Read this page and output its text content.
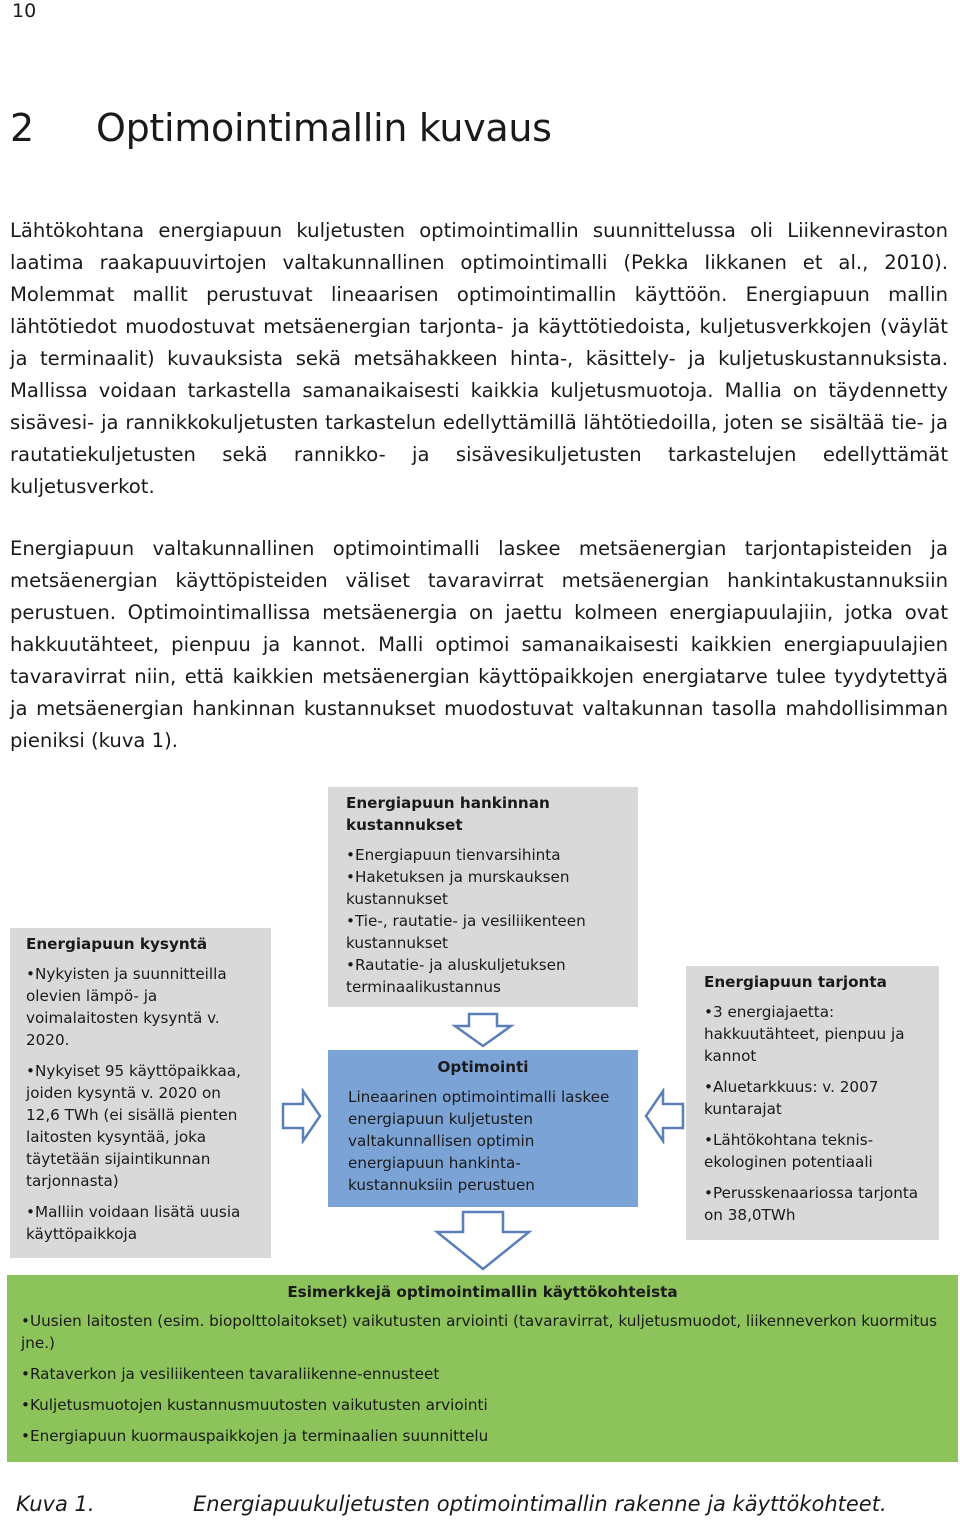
10
2 Optimointimallin kuvaus

Lähtökohtana energiapuun kuljetusten optimointimallin suunnittelussa oli Liikenneviraston laatima raakapuuvirtojen valtakunnallinen optimointimalli (Pekka Iikkanen et al., 2010). Molemmat mallit perustuvat lineaarisen optimointimallin käyttöön. Energiapuun mallin lähtötiedot muodostuvat metsäenergian tarjonta- ja käyttötiedoista, kuljetusverkkojen (väylät ja terminaalit) kuvauksista sekä metsähakkeen hinta-, käsittely- ja kuljetuskustannuksista. Mallissa voidaan tarkastella samanaikaisesti kaikkia kuljetusmuotoja. Mallia on täydennetty sisävesi- ja rannikkokuljetusten tarkastelun edellyttämillä lähtötiedoilla, joten se sisältää tie- ja rautatiekuljetusten sekä rannikko- ja sisävesikuljetusten tarkastelujen edellyttämät kuljetusverkot.

Energiapuun valtakunnallinen optimointimalli laskee metsäenergian tarjontapisteiden ja metsäenergian käyttöpisteiden väliset tavaravirrat metsäenergian hankintakustannuksiin perustuen. Optimointimallissa metsäenergia on jaettu kolmeen energiapuulajiin, jotka ovat hakkuutähteet, pienpuu ja kannot. Malli optimoi samanaikaisesti kaikkien energiapuulajien tavaravirrat niin, että kaikkien metsäenergian käyttöpaikkojen energiatarve tulee tyydytettyä ja metsäenergian hankinnan kustannukset muodostuvat valtakunnan tasolla mahdollisimman pieniksi (kuva 1).

Energiapuun hankinnan kustannukset
• Energiapuun tienvarsihinta
• Haketuksen ja murskauksen kustannukset
• Tie-, rautatie- ja vesiliikenteen kustannukset
• Rautatie- ja aluskuljetuksen terminaalikustannus
Energiapuun kysyntä
• Nykyisten ja suunnitteilla olevien lämpö- ja voimalaitosten kysyntä v. 2020.
• Nykyiset 95 käyttöpaikkaa, joiden kysyntä v. 2020 on 12,6 TWh (ei sisällä pienten laitosten kysyntää, joka täytetään sijaintikunnan tarjonnasta)
• Malliin voidaan lisätä uusia käyttöpaikkoja
Energiapuun tarjonta
• 3 energiajaetta: hakkuutähteet, pienpuu ja kannot
• Aluetarkkuus: v. 2007 kuntarajat
• Lähtökohtana teknis-ekologinen potentiaali
• Perusskenaariossa tarjonta on 38,0TWh
Optimointi
Lineaarinen optimointimalli laskee energiapuun kuljetusten valtakunnallisen optimin energiapuun hankinta-kustannuksiin perustuen
Esimerkkejä optimointimallin käyttökohteista
• Uusien laitosten (esim. biopolttolaitokset) vaikutusten arviointi (tavaravirrat, kuljetusmuodot, liikenneverkon kuormitus jne.)
• Rataverkon ja vesiliikenteen tavaraliikenne-ennusteet
• Kuljetusmuotojen kustannusmuutosten vaikutusten arviointi
• Energiapuun kuormauspaikkojen ja terminaalien suunnittelu

Kuva 1.	Energiapuukuljetusten optimointimallin rakenne ja käyttökohteet.
